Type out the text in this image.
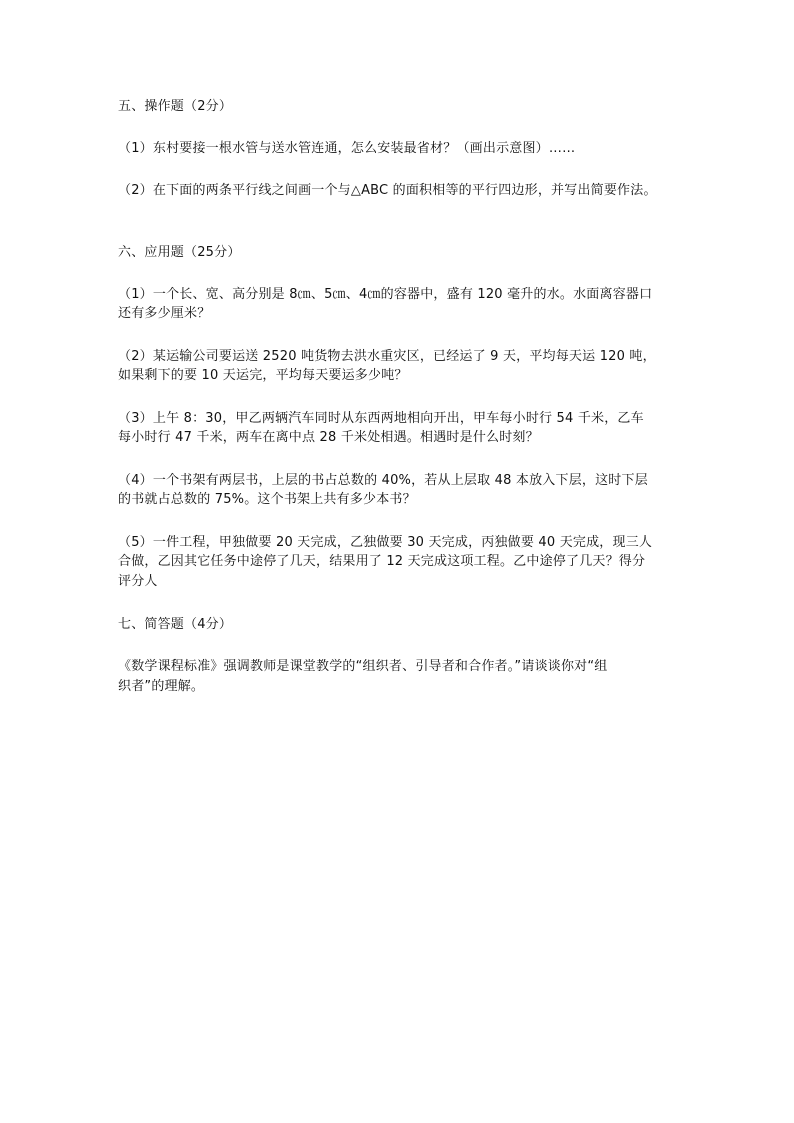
五、操作题（2分）
（1）东村要接一根水管与送水管连通，怎么安装最省材？（画出示意图）……
（2）在下面的两条平行线之间画一个与△ABC 的面积相等的平行四边形，并写出简要作法。
六、应用题（25分）
（1）一个长、宽、高分别是 8㎝、5㎝、4㎝的容器中，盛有 120 毫升的水。水面离容器口
还有多少厘米？
（2）某运输公司要运送 2520 吨货物去洪水重灾区，已经运了 9 天，平均每天运 120 吨，
如果剩下的要 10 天运完，平均每天要运多少吨？
（3）上午 8：30，甲乙两辆汽车同时从东西两地相向开出，甲车每小时行 54 千米，乙车
每小时行 47 千米，两车在离中点 28 千米处相遇。相遇时是什么时刻？
（4）一个书架有两层书，上层的书占总数的 40%，若从上层取 48 本放入下层，这时下层
的书就占总数的 75%。这个书架上共有多少本书？
（5）一件工程，甲独做要 20 天完成，乙独做要 30 天完成，丙独做要 40 天完成，现三人
合做，乙因其它任务中途停了几天，结果用了 12 天完成这项工程。乙中途停了几天？得分
评分人
七、简答题（4分）
《数学课程标准》强调教师是课堂教学的“组织者、引导者和合作者。”请谈谈你对“组
织者”的理解。
